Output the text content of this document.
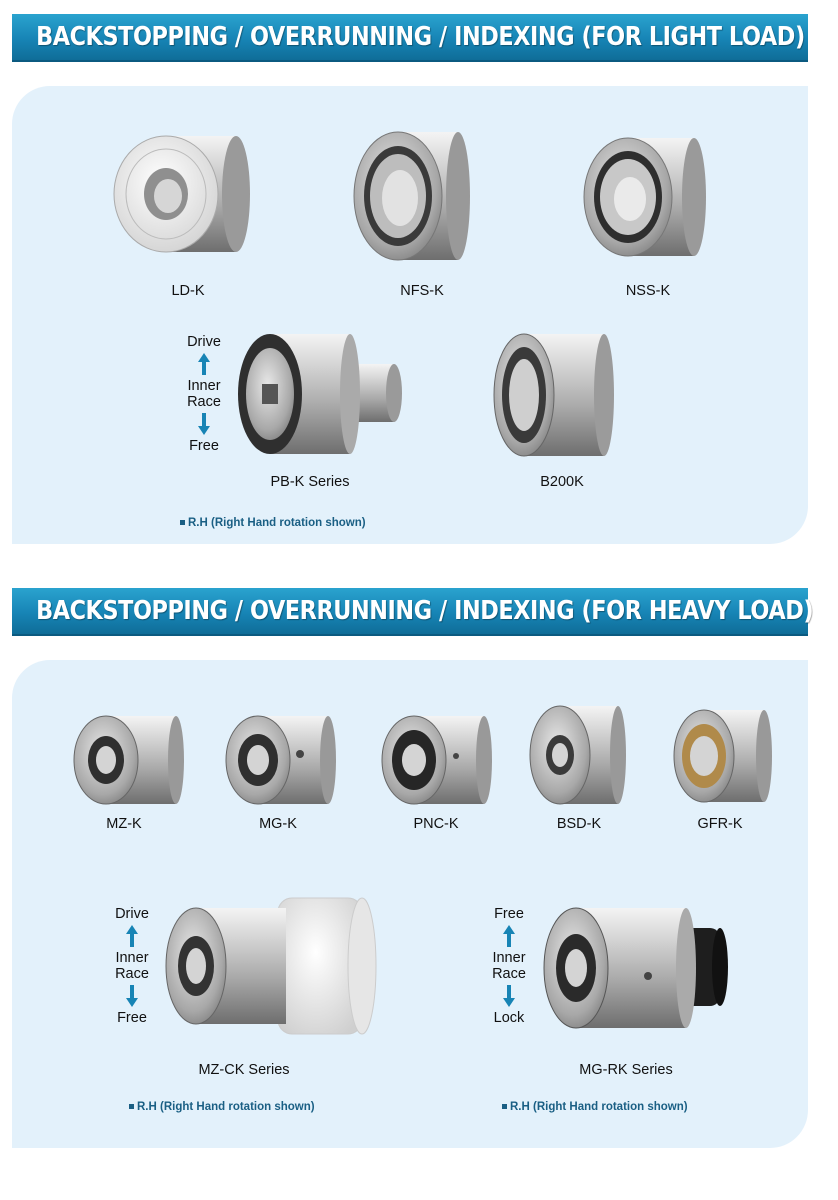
BACKSTOPPING / OVERRUNNING / INDEXING (FOR LIGHT LOAD)
LD-K	NFS-K	NSS-K
Drive
Inner
Race
Free
PB-K Series	B200K
R.H (Right Hand rotation shown)
BACKSTOPPING / OVERRUNNING / INDEXING (FOR HEAVY LOAD)
MZ-K	MG-K	PNC-K	BSD-K	GFR-K
Drive
Inner
Race
Free
MZ-CK Series
Free
Inner
Race
Lock
MG-RK Series
R.H (Right Hand rotation shown)	R.H (Right Hand rotation shown)
